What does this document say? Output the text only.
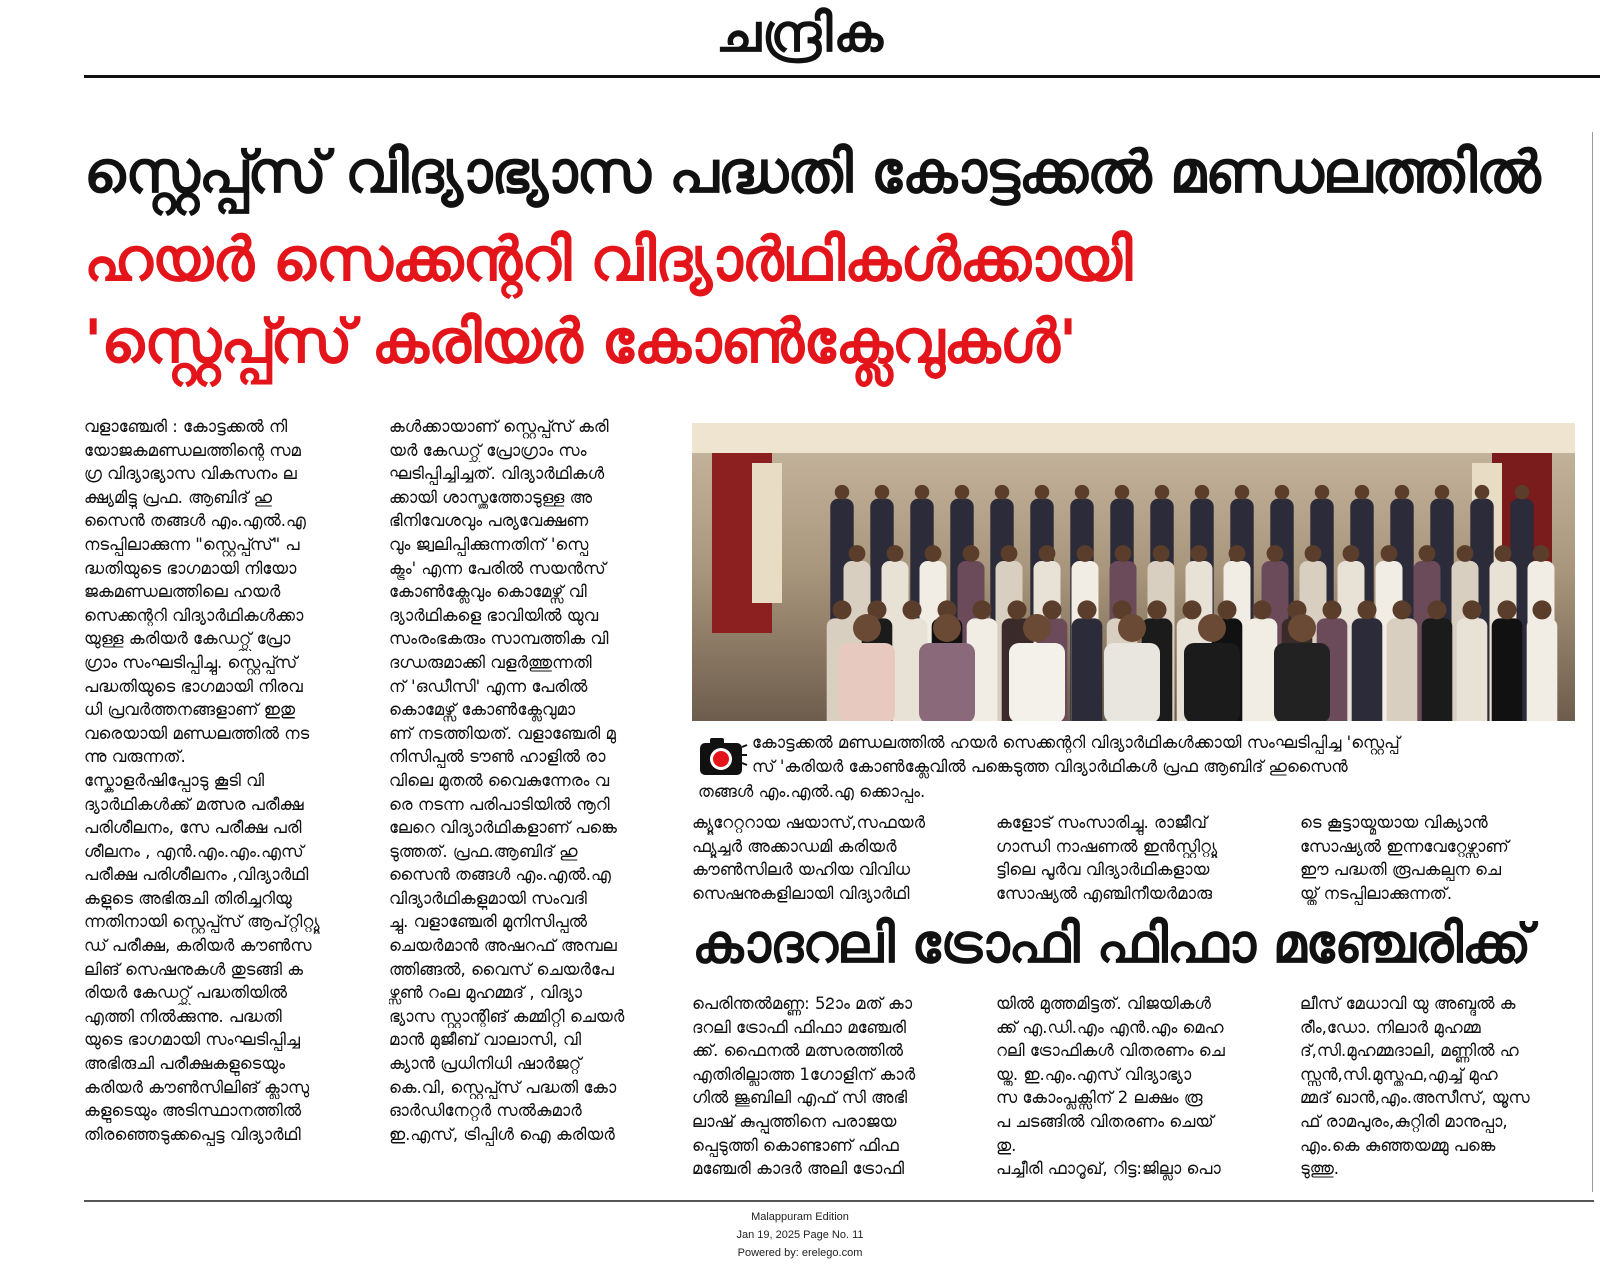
ചന്ദ്രിക
സ്റ്റെപ്പ്സ് വിദ്യാഭ്യാസ പദ്ധതി കോട്ടക്കൽ മണ്ഡലത്തിൽ
ഹയർ സെക്കന്ററി വിദ്യാർഥികൾക്കായി
'സ്റ്റെപ്പ്സ് കരിയർ കോൺക്ലേവുകൾ'
വളാഞ്ചേരി : കോട്ടക്കൽ നി
യോജകമണ്ഡലത്തിന്റെ സമ
ഗ്ര വിദ്യാഭ്യാസ വികസനം ല
ക്ഷ്യമിട്ടു പ്രഫ. ആബിദ് ഹു
സൈൻ തങ്ങൾ എം.എൽ.എ
നടപ്പിലാക്കുന്ന "സ്റ്റെപ്പ്സ്" പ
ദ്ധതിയുടെ ഭാഗമായി നിയോ
ജകമണ്ഡലത്തിലെ ഹയർ
സെക്കന്ററി വിദ്യാർഥികൾക്കാ
യുള്ള കരിയർ കേഡറ്റ്സ് പ്രോ
ഗ്രാം സംഘടിപ്പിച്ചു. സ്റ്റെപ്പ്സ്
പദ്ധതിയുടെ ഭാഗമായി നിരവ
ധി പ്രവർത്തനങ്ങളാണ് ഇതു
വരെയായി മണ്ഡലത്തിൽ നട
ന്നു വരുന്നത്.
സ്കോളർഷിപ്പോടു കൂടി വി
ദ്യാർഥികൾക്ക് മത്സര പരീക്ഷ
പരിശീലനം, സേ പരീക്ഷ പരി
ശീലനം , എൻ.എം.എം.എസ്
പരീക്ഷ പരിശീലനം ,വിദ്യാർഥി
കളുടെ അഭിരുചി തിരിച്ചറിയു
ന്നതിനായി സ്റ്റെപ്പ്സ് ആപ്റ്റിറ്റ്യൂ
ഡ് പരീക്ഷ, കരിയർ കൗൺസ
ലിങ് സെഷനുകൾ തുടങ്ങി ക
രിയർ കേഡറ്റ്സ് പദ്ധതിയിൽ
എത്തി നിൽക്കുന്നു. പദ്ധതി
യുടെ ഭാഗമായി സംഘടിപ്പിച്ച
അഭിരുചി പരീക്ഷകളുടെയും
കരിയർ കൗൺസിലിങ് ക്ലാസു
കളുടെയും അടിസ്ഥാനത്തിൽ
തിരഞ്ഞെടുക്കപ്പെട്ട വിദ്യാർഥി
കൾക്കായാണ് സ്റ്റെപ്പ്സ് കരി
യർ കേഡറ്റ്സ് പ്രോഗ്രാം സം
ഘടിപ്പിച്ചിച്ചത്. വിദ്യാർഥികൾ
ക്കായി ശാസ്ത്രത്തോടുള്ള അ
ഭിനിവേശവും പര്യവേക്ഷണ
വും ജ്വലിപ്പിക്കുന്നതിന് 'സ്പെ
ക്ട്രം' എന്ന പേരിൽ സയൻസ്
കോൺക്ലേവും കൊമേഴ്സ് വി
ദ്യാർഥികളെ ഭാവിയിൽ യുവ
സംരംഭകരും സാമ്പത്തിക വി
ദഗ്ധരുമാക്കി വളർത്തുന്നതി
ന് 'ഒഡീസി' എന്ന പേരിൽ
കൊമേഴ്സ് കോൺക്ലേവുമാ
ണ് നടത്തിയത്. വളാഞ്ചേരി മു
നിസിപ്പൽ ടൗൺ ഹാളിൽ രാ
വിലെ മുതൽ വൈകുന്നേരം വ
രെ നടന്ന പരിപാടിയിൽ നൂറി
ലേറെ വിദ്യാർഥികളാണ് പങ്കെ
ടുത്തത്. പ്രഫ.ആബിദ് ഹു
സൈൻ തങ്ങൾ എം.എൽ.എ
വിദ്യാർഥികളുമായി സംവദി
ച്ചു. വളാഞ്ചേരി മുനിസിപ്പൽ
ചെയർമാൻ അഷറഫ് അമ്പല
ത്തിങ്ങൽ, വൈസ് ചെയർപേ
ഴ്സൺ റംല മുഹമ്മദ് , വിദ്യാ
ഭ്യാസ സ്റ്റാന്റിങ് കമ്മിറ്റി ചെയർ
മാൻ മുജീബ് വാലാസി, വി
ക്യാൻ പ്രധിനിധി ഷാർജറ്റ്
കെ.വി, സ്റ്റെപ്പ്സ് പദ്ധതി കോ
ഓർഡിനേറ്റർ സൽകുമാർ
ഇ.എസ്, ട്രിപ്പിൾ ഐ കരിയർ
കോട്ടക്കൽ മണ്ഡലത്തിൽ ഹയർ സെക്കന്ററി വിദ്യാർഥികൾക്കായി സംഘടിപ്പിച്ച 'സ്റ്റെപ്പ്
സ് 'കരിയർ കോൺക്ലേവിൽ പങ്കെടുത്ത വിദ്യാർഥികൾ പ്രഫ ആബിദ് ഹുസൈൻ
തങ്ങൾ എം.എൽ.എ ക്കൊപ്പം.
ക്യൂറേറ്ററായ ഷയാസ്,സഫയർ
ഫ്യൂച്ചർ അക്കാഡമി കരിയർ
കൗൺസിലർ യഹിയ വിവിധ
സെഷനുകളിലായി വിദ്യാർഥി
കളോട് സംസാരിച്ചു. രാജീവ്
ഗാന്ധി നാഷണൽ ഇൻസ്റ്റിറ്റ്യൂ
ട്ടിലെ പൂർവ വിദ്യാർഥികളായ
സോഷ്യൽ എഞ്ചിനീയർമാരു
ടെ കൂട്ടായ്മയായ വിക്യാൻ
സോഷ്യൽ ഇന്നവേറ്റേഴ്സാണ്
ഈ പദ്ധതി രൂപകല്പന ചെ
യ്ത് നടപ്പിലാക്കുന്നത്.
കാദറലി ട്രോഫി ഫിഫാ മഞ്ചേരിക്ക്
പെരിന്തൽമണ്ണ: 52ാം മത് കാ
ദറലി ട്രോഫി ഫിഫാ മഞ്ചേരി
ക്ക്. ഫൈനൽ മത്സരത്തിൽ
എതിരില്ലാത്ത 1ഗോളിന് കാർ
ഗിൽ ജൂബിലി എഫ് സി അഭി
ലാഷ് കുപ്പൂത്തിനെ പരാജയ
പ്പെടുത്തി കൊണ്ടാണ് ഫിഫ
മഞ്ചേരി കാദർ അലി ട്രോഫി
യിൽ മുത്തമിട്ടത്. വിജയികൾ
ക്ക് എ.ഡി.എം എൻ.എം മെഹ
റലി ട്രോഫികൾ വിതരണം ചെ
യ്തു. ഇ.എം.എസ് വിദ്യാഭ്യാ
സ കോംപ്ലക്സിന് 2 ലക്ഷം രൂ
പ ചടങ്ങിൽ വിതരണം ചെയ്
തു.
പച്ചീരി ഫാറൂഖ്, റിട്ട:ജില്ലാ പൊ
ലീസ് മേധാവി യു അബ്ദുൽ ക
രീം,ഡോ. നിലാർ മുഹമ്മ
ദ്,സി.മുഹമ്മദാലി, മണ്ണിൽ ഹ
സ്സൻ,സി.മുസ്തഫ,എച്ച് മുഹ
മ്മദ് ഖാൻ,എം.അസീസ്, യൂസ
ഫ് രാമപുരം,കുറ്റിരി മാനുപ്പാ,
എം.കെ കുഞ്ഞയമ്മു പങ്കെ
ടുത്തു.
Malappuram Edition
Jan 19, 2025 Page No. 11
Powered by: erelego.com
